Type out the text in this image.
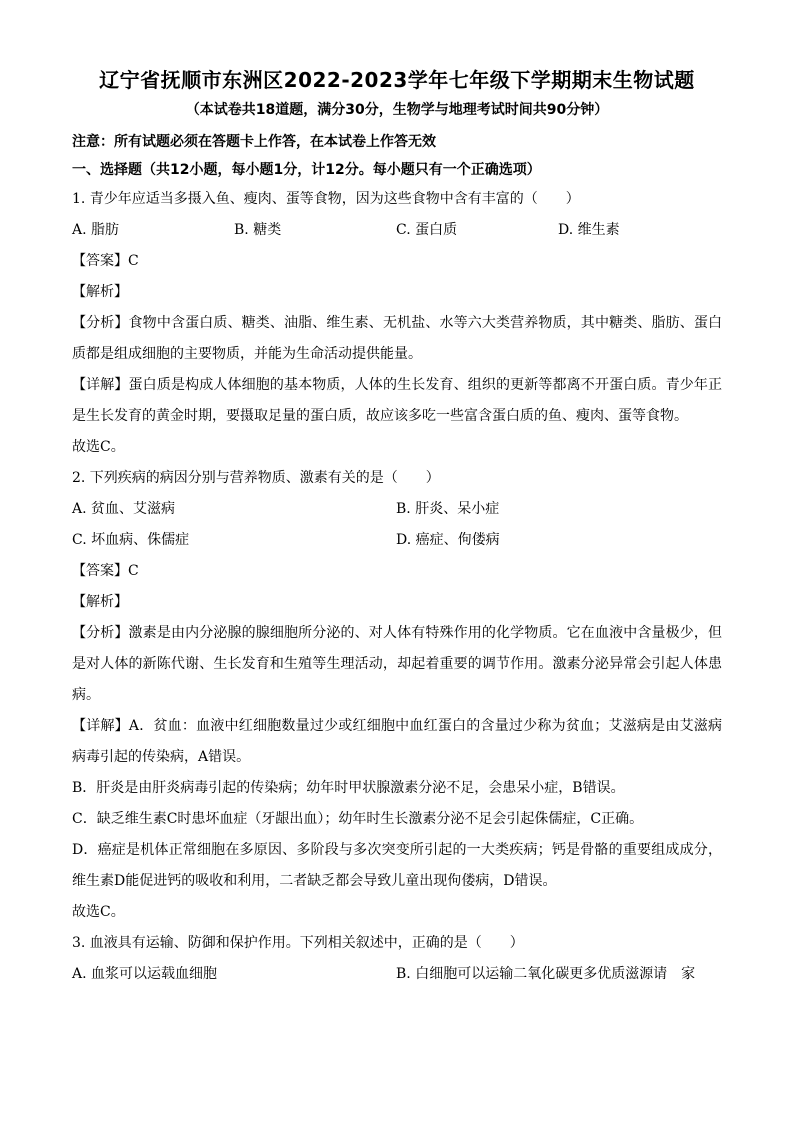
辽宁省抚顺市东洲区2022-2023学年七年级下学期期末生物试题

（本试卷共18道题，满分30分，生物学与地理考试时间共90分钟）

注意：所有试题必须在答题卡上作答，在本试卷上作答无效

一、选择题（共12小题，每小题1分，计12分。每小题只有一个正确选项）

1. 青少年应适当多摄入鱼、瘦肉、蛋等食物，因为这些食物中含有丰富的（　　）

A. 脂肪	B. 糖类	C. 蛋白质	D. 维生素

【答案】C

【解析】

【分析】食物中含蛋白质、糖类、油脂、维生素、无机盐、水等六大类营养物质，其中糖类、脂肪、蛋白质都是组成细胞的主要物质，并能为生命活动提供能量。

【详解】蛋白质是构成人体细胞的基本物质，人体的生长发育、组织的更新等都离不开蛋白质。青少年正是生长发育的黄金时期，要摄取足量的蛋白质，故应该多吃一些富含蛋白质的鱼、瘦肉、蛋等食物。

故选C。

2. 下列疾病的病因分别与营养物质、激素有关的是（　　）

A. 贫血、艾滋病	B. 肝炎、呆小症
C. 坏血病、侏儒症	D. 癌症、佝偻病

【答案】C

【解析】

【分析】激素是由内分泌腺的腺细胞所分泌的、对人体有特殊作用的化学物质。它在血液中含量极少，但是对人体的新陈代谢、生长发育和生殖等生理活动，却起着重要的调节作用。激素分泌异常会引起人体患病。

【详解】A．贫血：血液中红细胞数量过少或红细胞中血红蛋白的含量过少称为贫血；艾滋病是由艾滋病病毒引起的传染病，A错误。

B．肝炎是由肝炎病毒引起的传染病；幼年时甲状腺激素分泌不足，会患呆小症，B错误。

C．缺乏维生素C时患坏血症（牙龈出血）；幼年时生长激素分泌不足会引起侏儒症，C正确。

D．癌症是机体正常细胞在多原因、多阶段与多次突变所引起的一大类疾病；钙是骨骼的重要组成成分，维生素D能促进钙的吸收和利用，二者缺乏都会导致儿童出现佝偻病，D错误。

故选C。

3. 血液具有运输、防御和保护作用。下列相关叙述中，正确的是（　　）

A. 血浆可以运载血细胞	B. 白细胞可以运输二氧化碳更多优质滋源请　家
